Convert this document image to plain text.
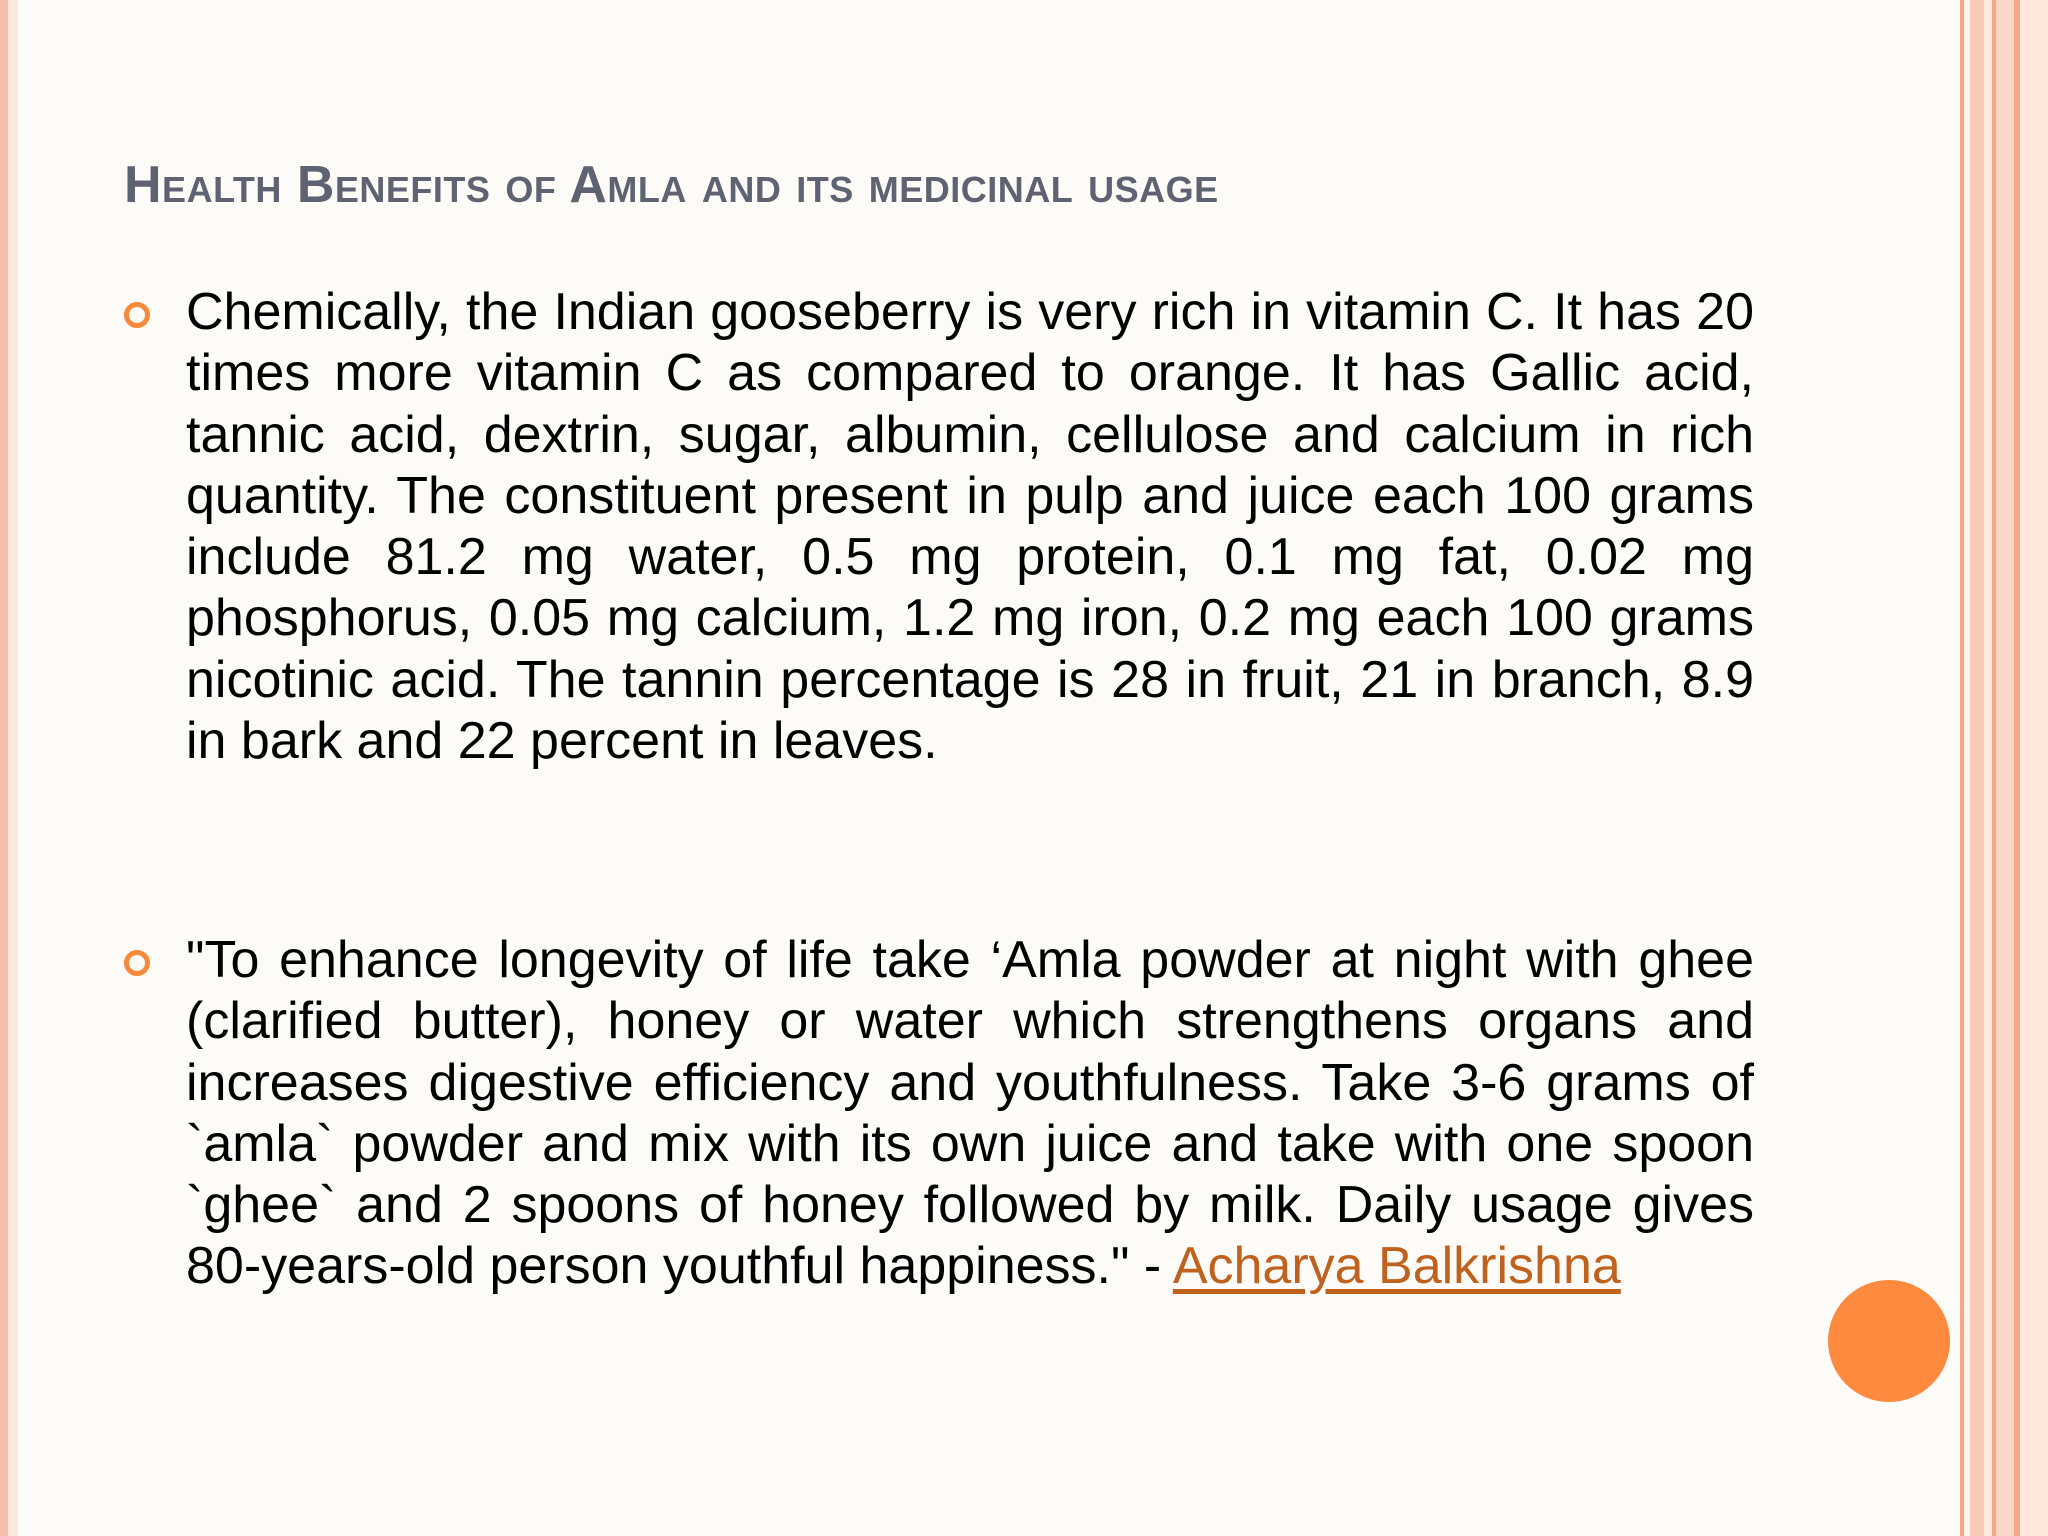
Health Benefits of Amla and its medicinal usage
Chemically, the Indian gooseberry is very rich in vitamin C. It has 20 times more vitamin C as compared to orange. It has Gallic acid, tannic acid, dextrin, sugar, albumin, cellulose and calcium in rich quantity. The constituent present in pulp and juice each 100 grams include 81.2 mg water, 0.5 mg protein, 0.1 mg fat, 0.02 mg phosphorus, 0.05 mg calcium, 1.2 mg iron, 0.2 mg each 100 grams nicotinic acid. The tannin percentage is 28 in fruit, 21 in branch, 8.9 in bark and 22 percent in leaves.
"To enhance longevity of life take ‘Amla powder at night with ghee (clarified butter), honey or water which strengthens organs and increases digestive efficiency and youthfulness. Take 3-6 grams of `amla` powder and mix with its own juice and take with one spoon `ghee` and 2 spoons of honey followed by milk. Daily usage gives 80-years-old person youthful happiness." - Acharya Balkrishna
